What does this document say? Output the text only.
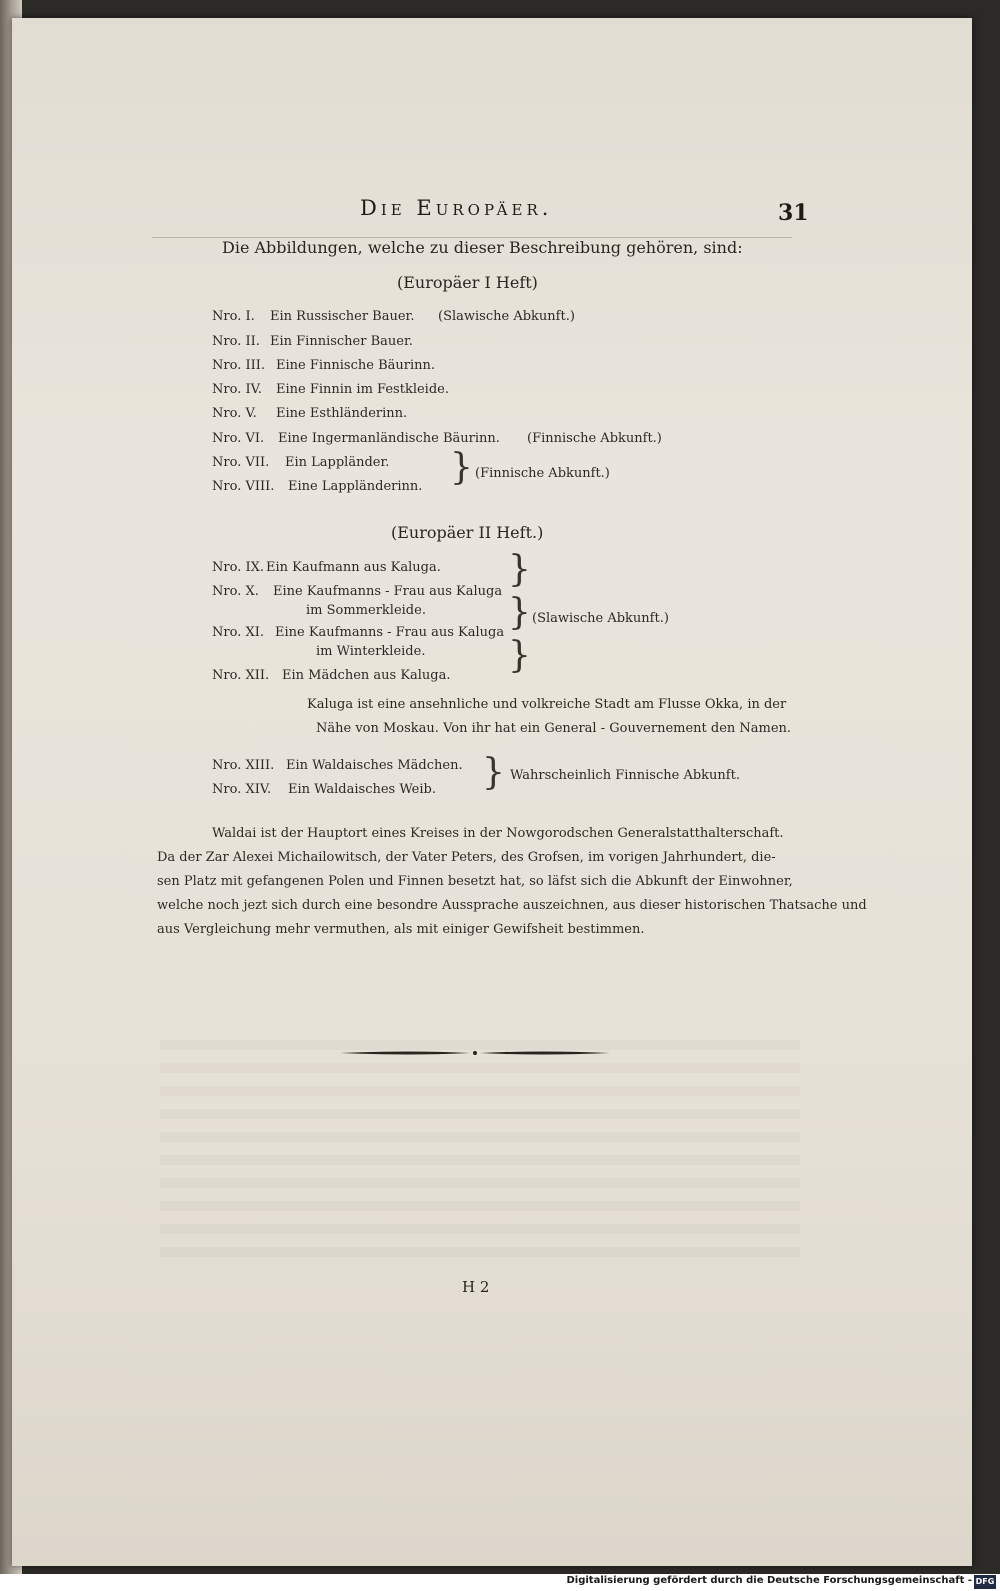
Die Europäer.	31
Die Abbildungen, welche zu dieser Beschreibung gehören, sind:
(Europäer I Heft)
Nro. I. Ein Russischer Bauer. (Slawische Abkunft.)
Nro. II. Ein Finnischer Bauer.
Nro. III. Eine Finnische Bäurinn.
Nro. IV. Eine Finnin im Festkleide.
Nro. V. Eine Esthländerinn.
Nro. VI. Eine Ingermanländische Bäurinn. (Finnische Abkunft.)
Nro. VII. Ein Lappländer.
Nro. VIII. Eine Lappländerinn. } (Finnische Abkunft.)
(Europäer II Heft.)
Nro. IX. Ein Kaufmann aus Kaluga.
Nro. X. Eine Kaufmanns - Frau aus Kaluga
im Sommerkleide.
Nro. XI. Eine Kaufmanns - Frau aus Kaluga
im Winterkleide.
Nro. XII. Ein Mädchen aus Kaluga.
}
}
}
(Slawische Abkunft.)
Kaluga ist eine ansehnliche und volkreiche Stadt am Flusse Okka, in der
Nähe von Moskau. Von ihr hat ein General - Gouvernement den Namen.
Nro. XIII. Ein Waldaisches Mädchen.
Nro. XIV. Ein Waldaisches Weib. } Wahrscheinlich Finnische Abkunft.
Waldai ist der Hauptort eines Kreises in der Nowgorodschen Generalstatthalterschaft.
Da der Zar Alexei Michailowitsch, der Vater Peters, des Grofsen, im vorigen Jahrhundert, die-
sen Platz mit gefangenen Polen und Finnen besetzt hat, so läfst sich die Abkunft der Einwohner,
welche noch jezt sich durch eine besondre Aussprache auszeichnen, aus dieser historischen Thatsache und
aus Vergleichung mehr vermuthen, als mit einiger Gewifsheit bestimmen.
H 2
Digitalisierung gefördert durch die Deutsche Forschungsgemeinschaft - DFG
